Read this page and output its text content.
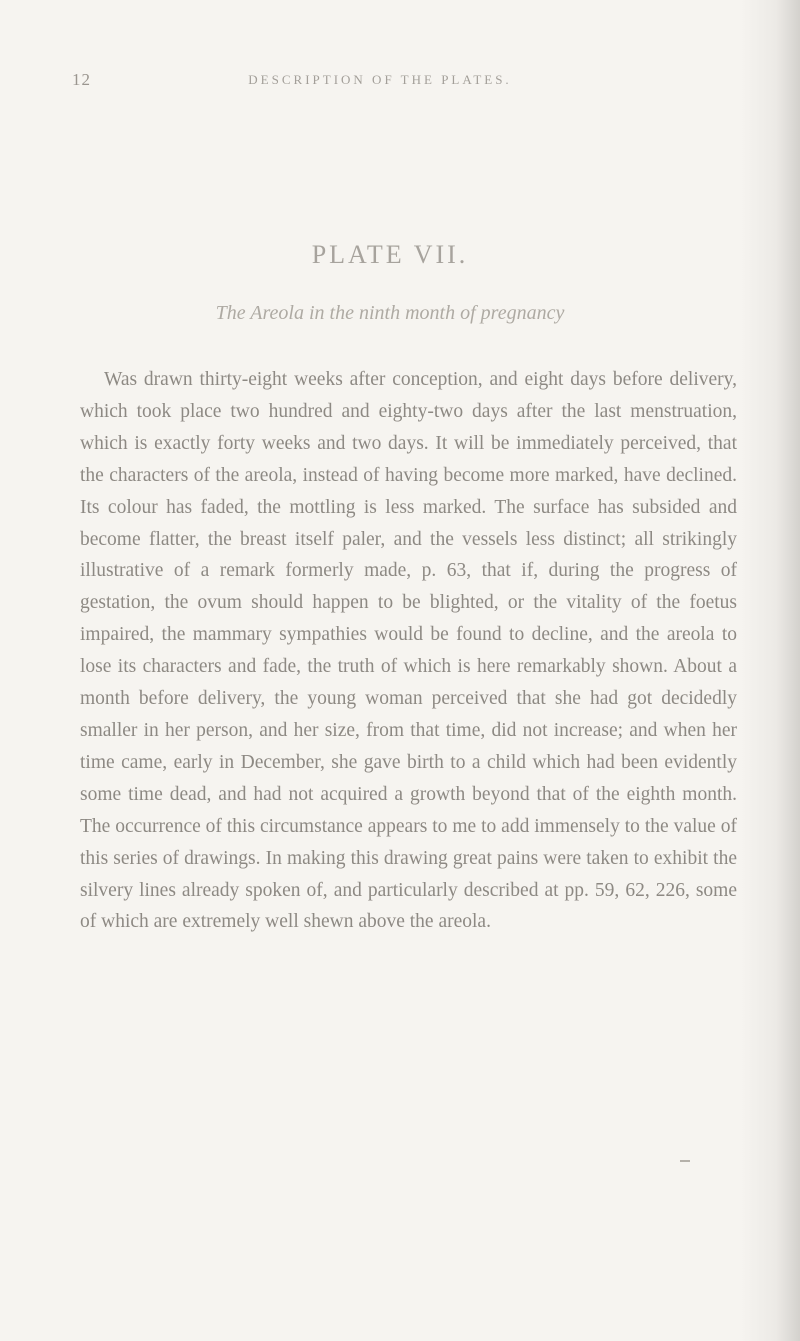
12	DESCRIPTION OF THE PLATES.
PLATE VII.
The Areola in the ninth month of pregnancy

Was drawn thirty-eight weeks after conception, and eight days before delivery, which took place two hundred and eighty-two days after the last menstruation, which is exactly forty weeks and two days. It will be immediately perceived, that the characters of the areola, instead of having become more marked, have declined. Its colour has faded, the mottling is less marked. The surface has subsided and become flatter, the breast itself paler, and the vessels less distinct; all strikingly illustrative of a remark formerly made, p. 63, that if, during the progress of gestation, the ovum should happen to be blighted, or the vitality of the foetus impaired, the mammary sympathies would be found to decline, and the areola to lose its characters and fade, the truth of which is here remarkably shown. About a month before delivery, the young woman perceived that she had got decidedly smaller in her person, and her size, from that time, did not increase; and when her time came, early in December, she gave birth to a child which had been evidently some time dead, and had not acquired a growth beyond that of the eighth month. The occurrence of this circumstance appears to me to add immensely to the value of this series of drawings. In making this drawing great pains were taken to exhibit the silvery lines already spoken of, and particularly described at pp. 59, 62, 226, some of which are extremely well shewn above the areola.
